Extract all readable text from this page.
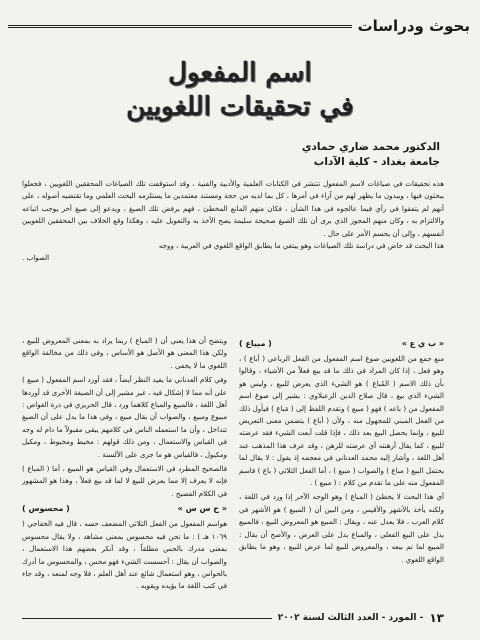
بحوث ودراسات
اسم المفعول
في تحقيقات اللغويين
الدكتور محمد ضاري حمادي
جامعة بغداد - كلية الآداب

هذه تحقيقات في صياغات لاسم المفعول تنتشر في الكتابات العلمية والأدبية والفنية ، وقد استوقفت تلك الصياغات المحققين اللغويين ، فجعلوا يبحثون فيها ، ويبدون ما يظهر لهم من آراء في أمرها ، كل بما لديه من حجة ومستند معتمدين ما يستلزمه البحث العلمي وما تقتضيه أصوله ، على أنهم لم يتفقوا في رأي فيما عالجوه في هذا الشأن ، فكان منهم المانع المخطئ ، فهم يرفض تلك الصيغ ، ويدعو إلى صيغ أخر يوجب اتباعه والالتزام به ، وكان منهم المجوز الذي يرى أن تلك الصيغ صحيحة سليمة يصح الأخذ به والتعويل عليه ، وهكذا وقع الخلاف بين المحققين اللغويين أنفسهم ، وإلى أن يحسم الأمر على حال .

هذا البحث قد خاض في دراسة تلك الصياغات وهو يبتغي ما يطابق الواقع اللغوي في العربية ، ووجه

الصواب .

« ب ي ع »
( مبياع )

منع جمع من اللغويين صوغ اسم المفعول من الفعل الرباعي ( أباع ) ، وهو فعل ، إذا كان المراد في ذلك ما قد يبع فعلاً من الأشياء ، وقالوا بأن ذلك الاسم ( المُباع ) هو الشيء الذي يعرض للبيع ، وليس هو الشيء الذي بيع ، قال صلاح الدين الزعبلاوي : يشير إلى صوغ اسم المفعول من ( باعه ) فهو ( مبيع ) وتقدم اللفظ إلى ( مَباع ) فيأول ذلك من الفعل المبني للمجهول منه ، ولأن ( أباع ) يتضمن معنى التعريض للبيع ، وإنما يحصل البيع بعد ذلك ، فإذا قلت أبعت الشيء فقد عرضته للبيع ، كما يقال أرهنته أي عرضته للرهن ، وقد عرف هذا المذهب عند أهل اللغة ، وأشار إليه محمد العدناني في معجمه إذ يقول : لا يقال لما يحتمل البيع ( مباع ) والصواب ( مبيع ) ، أما الفعل الثلاثي ( باع ) فاسم المفعول منه على ما تقدم من كلام : ( مبيع ) .

أي هذا البحث لا يخطئ ( المباع ) وهو الوجه الآخر إذا ورد في اللغة ، ولكنه يأخذ بالأشهر والأقيس ، ومن البين أن ( المبيع ) هو الأشهر في كلام العرب ، فلا يعدل عنه ، ويقال : المبيع هو المعروض للبيع ، فالمبيع يدل على البيع الفعلي ، والمباع يدل على العرض ، والأصح أن يقال : المبيع لما تم بيعه ، والمعروض للبيع لما عرض للبيع ، وهو ما يطابق الواقع اللغوي .

ويتضح أن هذا يعني أن ( المباع ) ربما يراد به بمعنى المعروض للبيع ، ولكن هذا المعنى هو الأصل هو الأساس ، وفي ذلك من مخالفة الواقع اللغوي ما لا يخفى .

وفي كلام العدناني ما يفيد النظر أيضاً ، فقد أورد اسم المفعول ( مبيع ) على أنه مما لا إشكال فيه ، غير مشير إلى أن الصيغة الأخرى قد أوردها أهل اللغة ، فالمبيع والمباع كلاهما ورد ، قال الحريري في درة الغواص : مبيوع ومبيع ، والصواب أن يقال مبيع ، وفي هذا ما يدل على أن الصيغ تتداخل ، وأن ما استعمله الناس في كلامهم يبقى مقبولاً ما دام له وجه في القياس والاستعمال ، ومن ذلك قولهم : مخيط ومخيوط ، ومكيل ومكيول ، فالقياس هو ما جرى على الألسنة .

فالصحيح المطرد في الاستعمال وفي القياس هو المبيع ، أما ( المباع ) فإنه لا يعرف إلا مما يعرض للبيع لا لما قد بيع فعلاً ، وهذا هو المشهور في الكلام الفصيح .

« ح س س »
( محسوس )

هواسم المفعول من الفعل الثلاثي المضعف حسه ، قال فيه الخفاجي ( ١٠٦٩ هـ ) : ما نحن فيه محسوس بمعنى مشاهد ، ولا يقال محسوس بمعنى مدرك بالحس مطلقاً ، وقد أنكر بعضهم هذا الاستعمال ، والصواب أن يقال : أحسست الشيء فهو محس ، والمحسوس ما أدرك بالحواس ، وهو استعمال شائع عند أهل العلم ، فلا وجه لمنعه ، وقد جاء في كتب اللغة ما يؤيده ويقويه .

١٣
- المورد - العدد الثالث لسنة ٢٠٠٢
